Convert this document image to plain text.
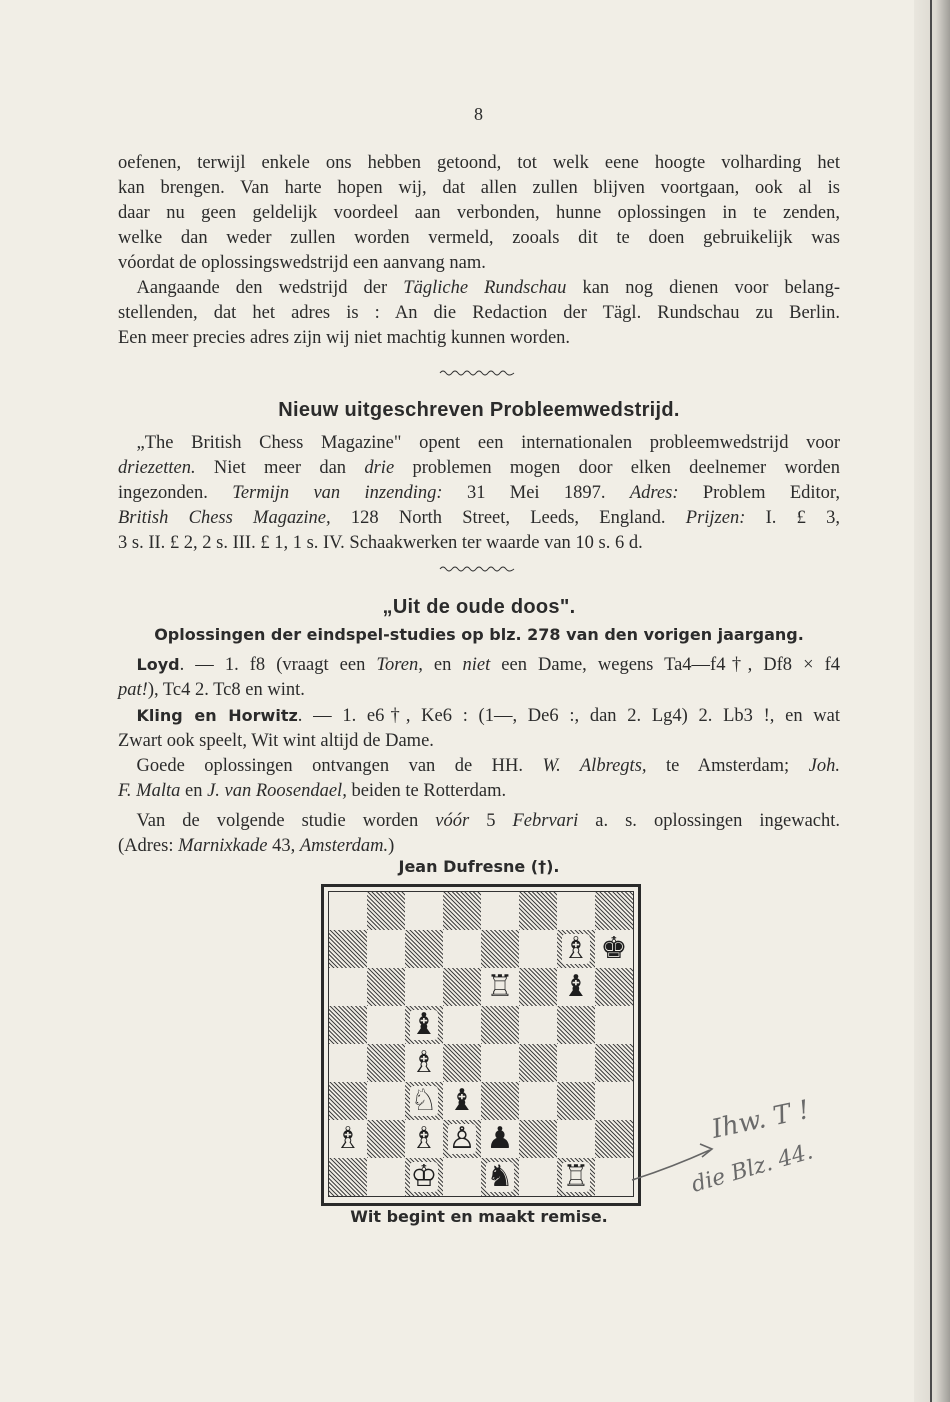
8
oefenen, terwijl enkele ons hebben getoond, tot welk eene hoogte volharding het
kan brengen. Van harte hopen wij, dat allen zullen blijven voortgaan, ook al is
daar nu geen geldelijk voordeel aan verbonden, hunne oplossingen in te zenden,
welke dan weder zullen worden vermeld, zooals dit te doen gebruikelijk was
vóordat de oplossingswedstrijd een aanvang nam.
 Aangaande den wedstrijd der Tägliche Rundschau kan nog dienen voor belang-
stellenden, dat het adres is : An die Redaction der Tägl. Rundschau zu Berlin.
Een meer precies adres zijn wij niet machtig kunnen worden.
Nieuw uitgeschreven Probleemwedstrijd.
 „The British Chess Magazine" opent een internationalen probleemwedstrijd voor
driezetten. Niet meer dan drie problemen mogen door elken deelnemer worden
ingezonden. Termijn van inzending: 31 Mei 1897. Adres: Problem Editor,
British Chess Magazine, 128 North Street, Leeds, England. Prijzen: I. £ 3,
3 s. II. £ 2, 2 s. III. £ 1, 1 s. IV. Schaakwerken ter waarde van 10 s. 6 d.
„Uit de oude doos".
Oplossingen der eindspel-studies op blz. 278 van den vorigen jaargang.
 Loyd. — 1. f8 (vraagt een Toren, en niet een Dame, wegens Ta4—f4†, Df8 × f4
pat!), Tc4 2. Tc8 en wint.
 Kling en Horwitz. — 1. e6†, Ke6 : (1—, De6 :, dan 2. Lg4) 2. Lb3 !, en wat
Zwart ook speelt, Wit wint altijd de Dame.
 Goede oplossingen ontvangen van de HH. W. Albregts, te Amsterdam; Joh.
F. Malta en J. van Roosendael, beiden te Rotterdam.
 Van de volgende studie worden vóór 5 Febrvari a. s. oplossingen ingewacht.
(Adres: Marnixkade 43, Amsterdam.)
Jean Dufresne (†).
Wit begint en maakt remise.
♗ ♚
♖ ♝
♝
♗
♘ ♝
♗ ♗ ♙ ♟
♔ ♞ ♖
Ihw. T !
die Blz. 44.
